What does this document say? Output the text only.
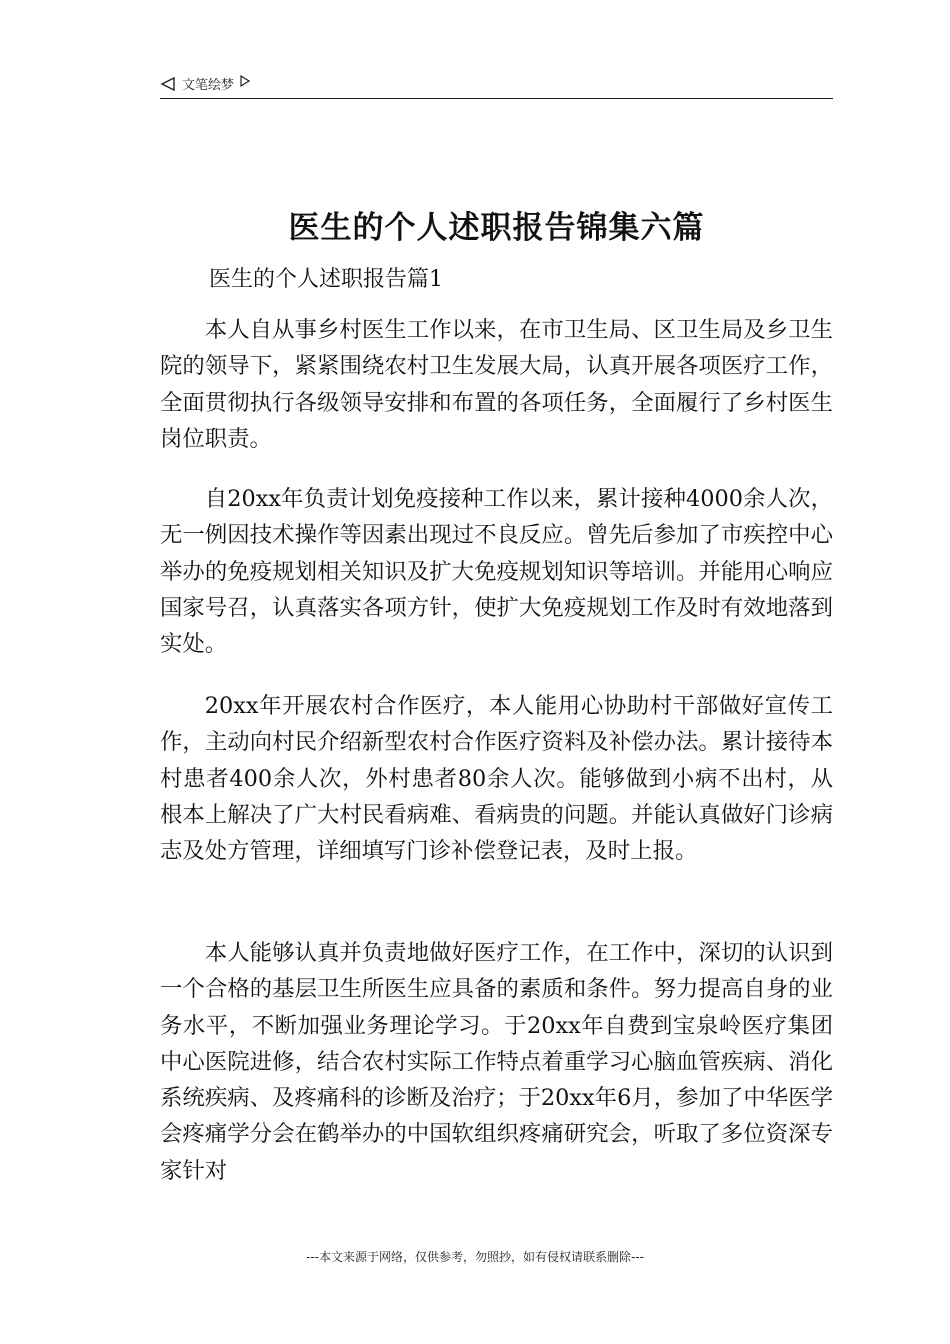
文笔绘梦
医生的个人述职报告锦集六篇
医生的个人述职报告篇1

本人自从事乡村医生工作以来，在市卫生局、区卫生局及乡卫生院的领导下，紧紧围绕农村卫生发展大局，认真开展各项医疗工作，全面贯彻执行各级领导安排和布置的各项任务，全面履行了乡村医生岗位职责。

自20xx年负责计划免疫接种工作以来，累计接种4000余人次，无一例因技术操作等因素出现过不良反应。曾先后参加了市疾控中心举办的免疫规划相关知识及扩大免疫规划知识等培训。并能用心响应国家号召，认真落实各项方针，使扩大免疫规划工作及时有效地落到实处。

20xx年开展农村合作医疗，本人能用心协助村干部做好宣传工作，主动向村民介绍新型农村合作医疗资料及补偿办法。累计接待本村患者400余人次，外村患者80余人次。能够做到小病不出村，从根本上解决了广大村民看病难、看病贵的问题。并能认真做好门诊病志及处方管理，详细填写门诊补偿登记表，及时上报。

本人能够认真并负责地做好医疗工作，在工作中，深切的认识到一个合格的基层卫生所医生应具备的素质和条件。努力提高自身的业务水平，不断加强业务理论学习。于20xx年自费到宝泉岭医疗集团中心医院进修，结合农村实际工作特点着重学习心脑血管疾病、消化系统疾病、及疼痛科的诊断及治疗；于20xx年6月，参加了中华医学会疼痛学分会在鹤举办的中国软组织疼痛研究会，听取了多位资深专家针对

---本文来源于网络，仅供参考，勿照抄，如有侵权请联系删除---
